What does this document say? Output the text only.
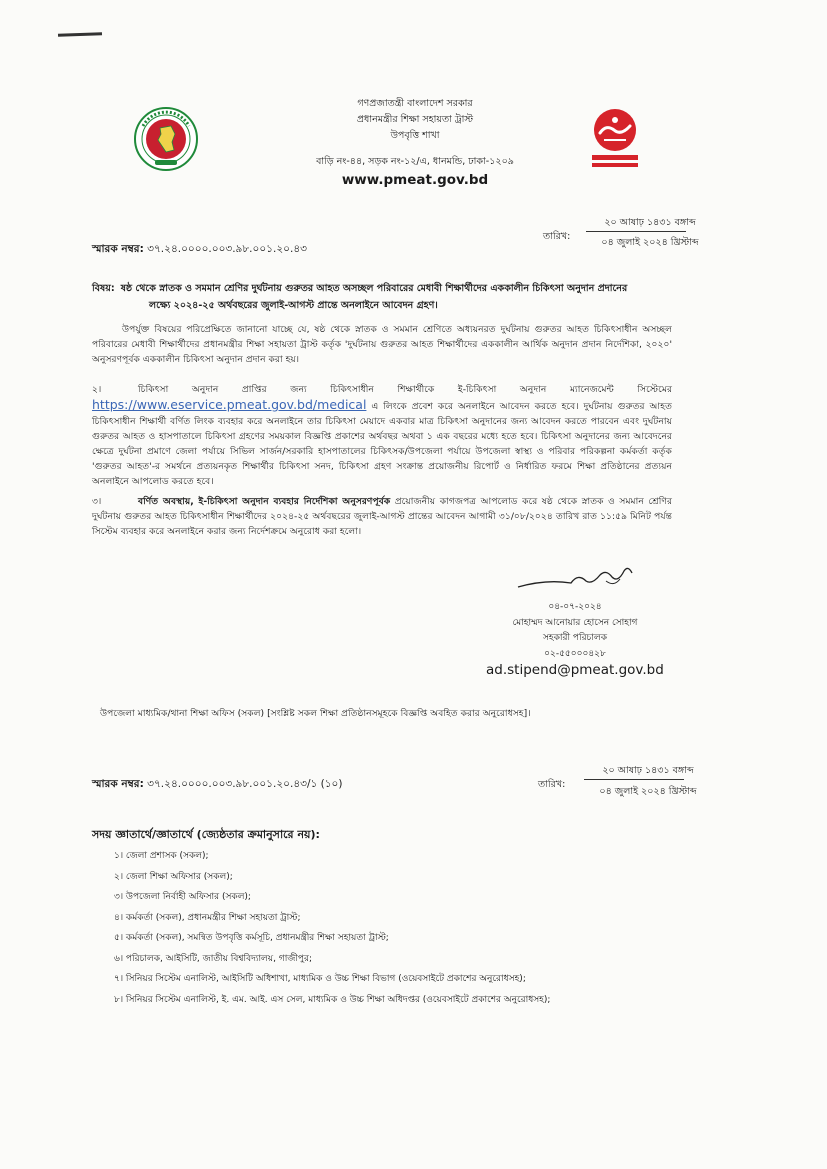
গণপ্রজাতন্ত্রী বাংলাদেশ সরকার
প্রধানমন্ত্রীর শিক্ষা সহায়তা ট্রাস্ট
উপবৃত্তি শাখা
বাড়ি নং-৪৪, সড়ক নং-১২/এ, ধানমন্ডি, ঢাকা-১২০৯
www.pmeat.gov.bd
স্মারক নম্বর: ৩৭.২৪.০০০০.০০৩.৯৮.০০১.২০.৪৩
তারিখ:
২০ আষাঢ় ১৪৩১ বঙ্গাব্দ
০৪ জুলাই ২০২৪ খ্রিস্টাব্দ
বিষয়: ষষ্ঠ থেকে স্নাতক ও সমমান শ্রেণির দুর্ঘটনায় গুরুতর আহত অসচ্ছল পরিবারের মেধাবী শিক্ষার্থীদের এককালীন চিকিৎসা অনুদান প্রদানের
লক্ষ্যে ২০২৪-২৫ অর্থবছরের জুলাই-আগস্ট প্রান্তে অনলাইনে আবেদন গ্রহণ।
উপর্যুক্ত বিষয়ের পরিপ্রেক্ষিতে জানানো যাচ্ছে যে, ষষ্ঠ থেকে স্নাতক ও সমমান শ্রেণিতে অধ্যয়নরত দুর্ঘটনায় গুরুতর আহত চিকিৎসাধীন অসচ্ছল পরিবারের মেধাবী শিক্ষার্থীদের প্রধানমন্ত্রীর শিক্ষা সহায়তা ট্রাস্ট কর্তৃক 'দুর্ঘটনায় গুরুতর আহত শিক্ষার্থীদের এককালীন আর্থিক অনুদান প্রদান নির্দেশিকা, ২০২০' অনুসরণপূর্বক এককালীন চিকিৎসা অনুদান প্রদান করা হয়।
২।	চিকিৎসা অনুদান প্রাপ্তির জন্য চিকিৎসাধীন শিক্ষার্থীকে ই-চিকিৎসা অনুদান ম্যানেজমেন্ট সিস্টেমের https://www.eservice.pmeat.gov.bd/medical এ লিংকে প্রবেশ করে অনলাইনে আবেদন করতে হবে। দুর্ঘটনায় গুরুতর আহত চিকিৎসাধীন শিক্ষার্থী বর্ণিত লিংক ব্যবহার করে অনলাইনে তার চিকিৎসা মেয়াদে একবার মাত্র চিকিৎসা অনুদানের জন্য আবেদন করতে পারবেন এবং দুর্ঘটনায় গুরুতর আহত ও হাসপাতালে চিকিৎসা গ্রহণের সময়কাল বিজ্ঞপ্তি প্রকাশের অর্থবছর অথবা ১ এক বছরের মধ্যে হতে হবে। চিকিৎসা অনুদানের জন্য আবেদনের ক্ষেত্রে দুর্ঘটনা প্রমাণে জেলা পর্যায়ে সিভিল সার্জন/সরকারি হাসপাতালের চিকিৎসক/উপজেলা পর্যায়ে উপজেলা স্বাস্থ্য ও পরিবার পরিকল্পনা কর্মকর্তা কর্তৃক 'গুরুতর আহত'-র সমর্থনে প্রত্যয়নকৃত শিক্ষার্থীর চিকিৎসা সনদ, চিকিৎসা গ্রহণ সংক্রান্ত প্রয়োজনীয় রিপোর্ট ও নির্ধারিত ফরমে শিক্ষা প্রতিষ্ঠানের প্রত্যয়ন অনলাইনে আপলোড করতে হবে।
৩।	বর্ণিত অবস্থায়, ই-চিকিৎসা অনুদান ব্যবহার নির্দেশিকা অনুসরণপূর্বক প্রয়োজনীয় কাগজপত্র আপলোড করে ষষ্ঠ থেকে স্নাতক ও সমমান শ্রেণির দুর্ঘটনায় গুরুতর আহত চিকিৎসাধীন শিক্ষার্থীদের ২০২৪-২৫ অর্থবছরের জুলাই-আগস্ট প্রান্তের আবেদন আগামী ৩১/০৮/২০২৪ তারিখ রাত ১১:৫৯ মিনিট পর্যন্ত সিস্টেম ব্যবহার করে অনলাইনে করার জন্য নির্দেশক্রমে অনুরোধ করা হলো।
০৪-০৭-২০২৪
মোহাম্মদ আনোয়ার হোসেন সোহাগ
সহকারী পরিচালক
০২-৫৫০০০৪২৮
ad.stipend@pmeat.gov.bd
উপজেলা মাধ্যমিক/থানা শিক্ষা অফিস (সকল) [সংশ্লিষ্ট সকল শিক্ষা প্রতিষ্ঠানসমূহকে বিজ্ঞপ্তি অবহিত করার অনুরোধসহ]।
স্মারক নম্বর: ৩৭.২৪.০০০০.০০৩.৯৮.০০১.২০.৪৩/১ (১০)	তারিখ:
২০ আষাঢ় ১৪৩১ বঙ্গাব্দ
০৪ জুলাই ২০২৪ খ্রিস্টাব্দ
সদয় জ্ঞাতার্থে/জ্ঞাতার্থে (জ্যেষ্ঠতার ক্রমানুসারে নয়):
১। জেলা প্রশাসক (সকল);
২। জেলা শিক্ষা অফিসার (সকল);
৩। উপজেলা নির্বাহী অফিসার (সকল);
৪। কর্মকর্তা (সকল), প্রধানমন্ত্রীর শিক্ষা সহায়তা ট্রাস্ট;
৫। কর্মকর্তা (সকল), সমন্বিত উপবৃত্তি কর্মসূচি, প্রধানমন্ত্রীর শিক্ষা সহায়তা ট্রাস্ট;
৬। পরিচালক, আইসিটি, জাতীয় বিশ্ববিদ্যালয়, গাজীপুর;
৭। সিনিয়র সিস্টেম এনালিস্ট, আইসিটি অধিশাখা, মাধ্যমিক ও উচ্চ শিক্ষা বিভাগ (ওয়েবসাইটে প্রকাশের অনুরোধসহ);
৮। সিনিয়র সিস্টেম এনালিস্ট, ই. এম. আই. এস সেল, মাধ্যমিক ও উচ্চ শিক্ষা অধিদপ্তর (ওয়েবসাইটে প্রকাশের অনুরোধসহ);
